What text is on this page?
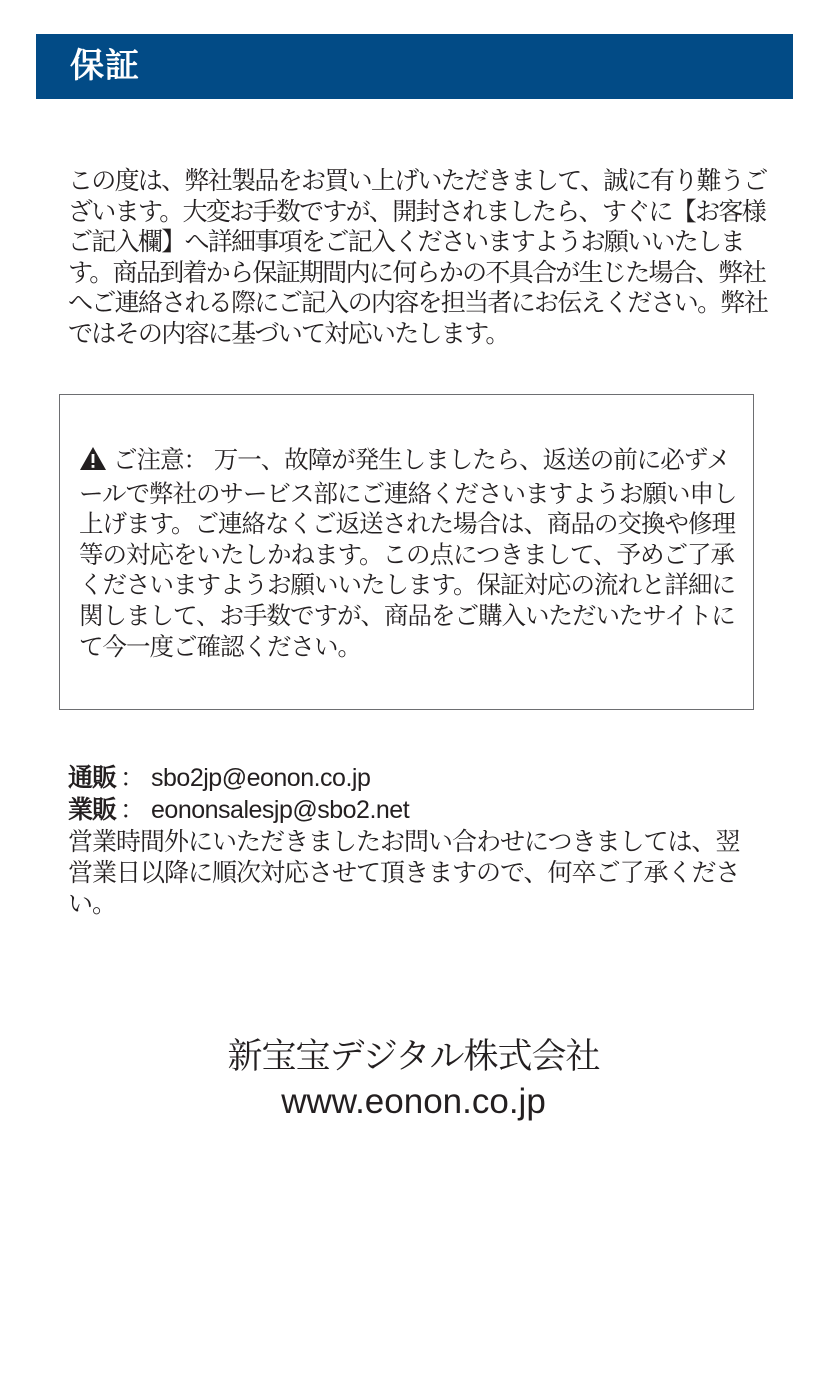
保証

この度は、弊社製品をお買い上げいただきまして、誠に有り難うございます。大変お手数ですが、開封されましたら、すぐに【お客様ご記入欄】へ詳細事項をご記入くださいますようお願いいたします。商品到着から保証期間内に何らかの不具合が生じた場合、弊社へご連絡される際にご記入の内容を担当者にお伝えください。弊社ではその内容に基づいて対応いたします。

ご注意： 万一、故障が発生しましたら、返送の前に必ずメールで弊社のサービス部にご連絡くださいますようお願い申し上げます。ご連絡なくご返送された場合は、商品の交換や修理等の対応をいたしかねます。この点につきまして、予めご了承くださいますようお願いいたします。保証対応の流れと詳細に関しまして、お手数ですが、商品をご購入いただいたサイトにて今一度ご確認ください。

通販 ： sbo2jp@eonon.co.jp
業販 ： eononsalesjp@sbo2.net
営業時間外にいただきましたお問い合わせにつきましては、翌営業日以降に順次対応させて頂きますので、何卒ご了承ください。
新宝宝デジタル株式会社
www.eonon.co.jp
